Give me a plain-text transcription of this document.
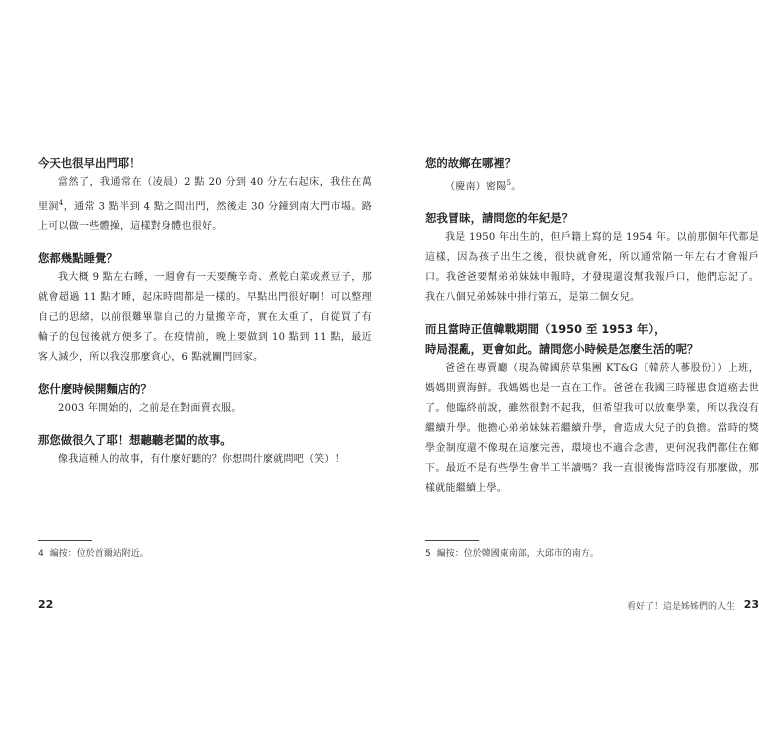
今天也很早出門耶！

當然了，我通常在（凌晨）2 點 20 分到 40 分左右起床，我住在萬里洞$^4$，通常 3 點半到 4 點之間出門，然後走 30 分鐘到南大門市場。路上可以做一些體操，這樣對身體也很好。

您都幾點睡覺？

我大概 9 點左右睡，一週會有一天要醃辛奇、煮乾白菜或煮豆子，那就會超過 11 點才睡，起床時間都是一樣的。早點出門很好啊！可以整理自己的思緒，以前很難畢靠自己的力量搬辛奇，實在太重了，自從買了有輪子的包包後就方便多了。在疫情前，晚上要做到 10 點到 11 點，最近客人減少，所以我沒那麼貪心，6 點就關門回家。

您什麼時候開麵店的？

2003 年開始的，之前是在對面賣衣服。

那您做很久了耶！想聽聽老闆的故事。

像我這種人的故事，有什麼好聽的？你想問什麼就問吧（笑）！

4 編按：位於首爾站附近。
22

您的故鄉在哪裡？

（慶南）密陽$^5$。

恕我冒昧，請問您的年紀是？

我是 1950 年出生的，但戶籍上寫的是 1954 年。以前那個年代都是這樣，因為孩子出生之後，很快就會死，所以通常隔一年左右才會報戶口。我爸爸要幫弟弟妹妹申報時，才發現還沒幫我報戶口，他們忘記了。我在八個兄弟姊妹中排行第五，是第二個女兒。

而且當時正值韓戰期間（1950 至 1953 年），
時局混亂，更會如此。請問您小時候是怎麼生活的呢？

爸爸在專賣廳（現為韓國菸草集團 KT&G〔韓菸人蔘股份〕）上班，媽媽則賣海鮮。我媽媽也是一直在工作。爸爸在我國三時罹患食道癌去世了。他臨終前說，雖然很對不起我，但希望我可以放棄學業，所以我沒有繼續升學。他擔心弟弟妹妹若繼續升學，會造成大兒子的負擔。當時的獎學金制度還不像現在這麼完善，環境也不適合念書，更何況我們都住在鄉下。最近不是有些學生會半工半讀嗎？我一直很後悔當時沒有那麼做，那樣就能繼續上學。

5 編按：位於韓國東南部，大邱市的南方。
看好了！這是姊姊們的人生 23
